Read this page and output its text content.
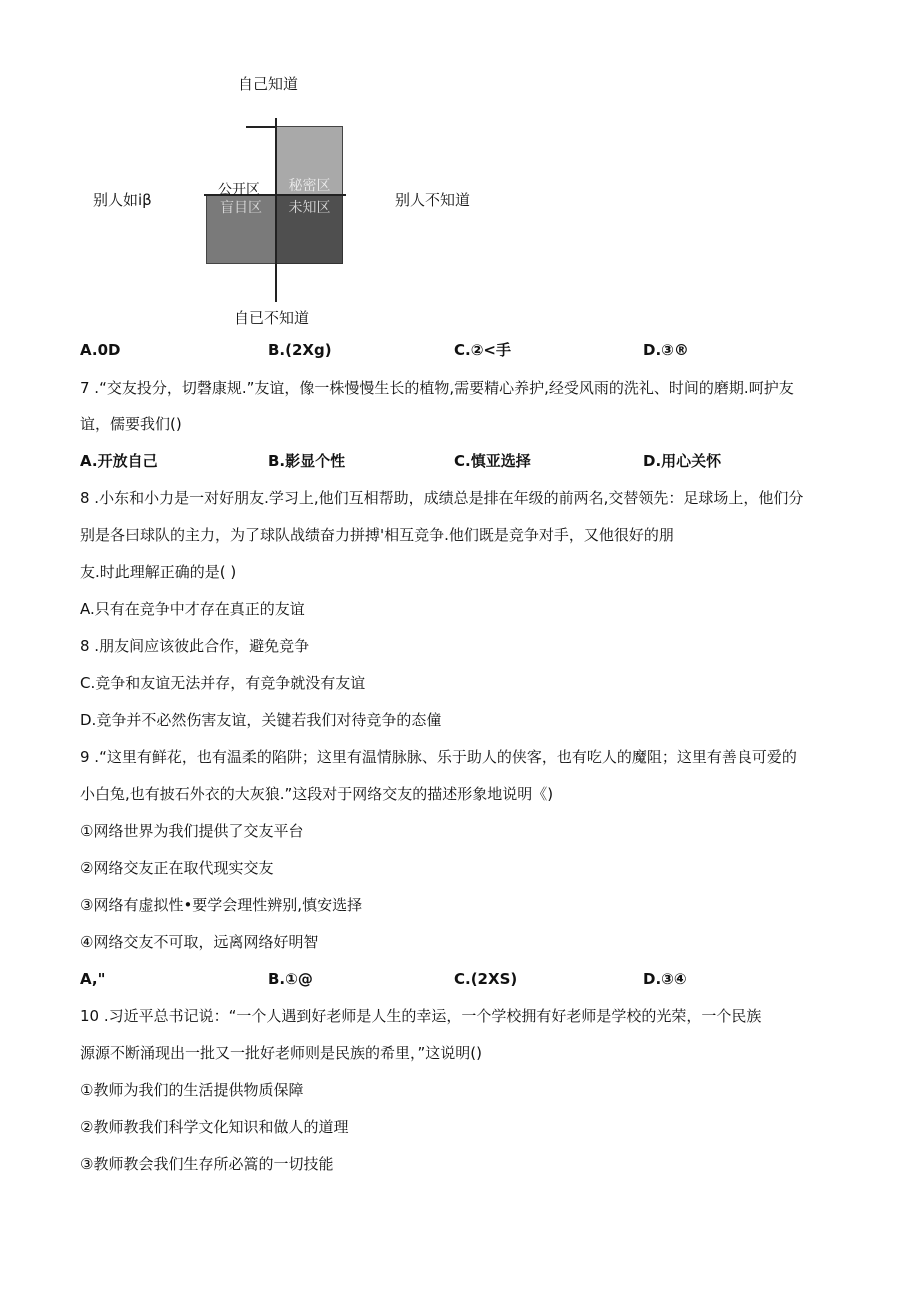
自己知道
别人如iβ	别人不知道
自已不知道
秘密区
盲目区 未知区
公开区
A.0D	B.(2Xg)	C.②<手	D.③®
7 .“交友投分，切磬康规.”友谊，像一株慢慢生长的植物,需要精心养护,经受风雨的洗礼、时间的磨期.呵护友
谊，儒要我们()
A.开放自己	B.影显个性	C.慎亚选择	D.用心关怀
8 .小东和小力是一对好朋友.学习上,他们互相帮助，成绩总是排在年级的前两名,交替领先：足球场上，他们分
别是各曰球队的主力，为了球队战绩奋力拼搏'相互竞争.他们既是竞争对手，又他很好的朋
友.时此理解正确的是( )
A.只有在竞争中才存在真正的友谊
8 .朋友间应该彼此合作，避免竞争
C.竞争和友谊无法并存，有竞争就没有友谊
D.竞争并不必然伤害友谊，关键若我们对待竞争的态僮
9 .“这里有鲜花，也有温柔的陷阱；这里有温情脉脉、乐于助人的侠客，也有吃人的魔阻；这里有善良可爱的
小白兔,也有披石外衣的大灰狼.”这段对于网络交友的描述形象地说明《)
①网络世界为我们提供了交友平台
②网络交友正在取代现实交友
③网络有虚拟性•要学会理性辨别,慎安选择
④网络交友不可取，远离网络好明智
A,"	B.①@	C.(2XS)	D.③④
10 .习近平总书记说：“一个人遇到好老师是人生的幸运，一个学校拥有好老师是学校的光荣，一个民族
源源不断涌现出一批又一批好老师则是民族的希里，”这说明()
①教师为我们的生活提供物质保障
②教师教我们科学文化知识和做人的道理
③教师教会我们生存所必篙的一切技能
